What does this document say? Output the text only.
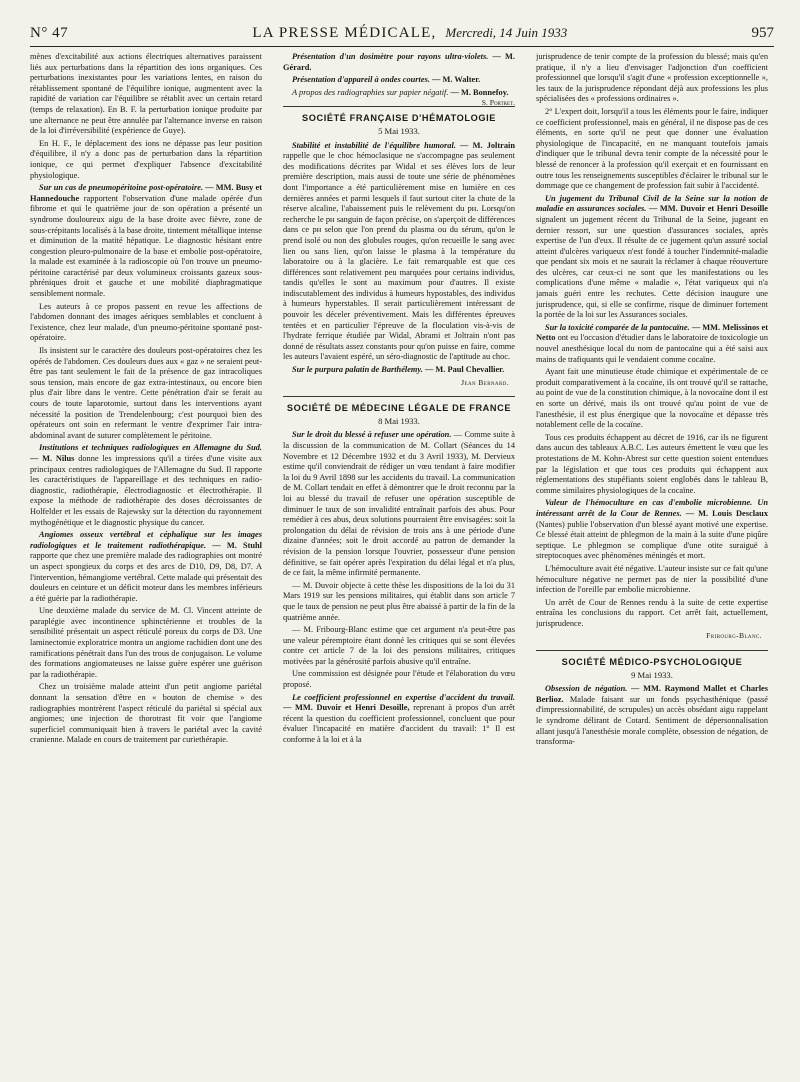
N° 47	LA PRESSE MÉDICALE, Mercredi, 14 Juin 1933	957

mènes d'excitabilité aux actions électriques alternatives paraissent liés aux perturbations dans la répartition des ions organiques. Ces perturbations inexistantes pour les variations lentes, en raison du rétablissement spontané de l'équilibre ionique, augmentent avec la rapidité de variation car l'équilibre se rétablit avec un certain retard (temps de relaxation). En B. F. la perturbation ionique produite par une alternance ne peut être annulée par l'alternance inverse en raison de la loi d'irréversibilité (expérience de Guye).

En H. F., le déplacement des ions ne dépasse pas leur position d'équilibre, il n'y a donc pas de perturbation dans la répartition ionique, ce qui permet d'expliquer l'absence d'excitabilité physiologique.

Sur un cas de pneumopéritoine post-opératoire. — MM. Busy et Hannedouche rapportent l'observation d'une malade opérée d'un fibrome et qui le quatrième jour de son opération a présenté un syndrome douloureux aigu de la base droite avec fièvre, zone de sous-crépitants localisés à la base droite, tintement métallique intense et diminution de la matité hépatique. Le diagnostic hésitant entre congestion pleuro-pulmonaire de la base et embolie post-opératoire, la malade est examinée à la radioscopie où l'on trouve un pneumo-péritoine caractérisé par deux volumineux croissants gazeux sous-phréniques droit et gauche et une mobilité diaphragmatique sensiblement normale.

Les auteurs à ce propos passent en revue les affections de l'abdomen donnant des images aériques semblables et concluent à l'existence, chez leur malade, d'un pneumo-péritoine spontané post-opératoire.

Ils insistent sur le caractère des douleurs post-opératoires chez les opérés de l'abdomen. Ces douleurs dues aux « gaz » ne seraient peut-être pas tant seulement le fait de la présence de gaz intracoliques sous tension, mais encore de gaz extra-intestinaux, ou encore bien plus d'air libre dans le ventre. Cette pénétration d'air se ferait au cours de toute laparotomie, surtout dans les interventions ayant nécessité la position de Trendelenbourg; c'est pourquoi bien des opérateurs ont soin en refermant le ventre d'exprimer l'air intra-abdominal avant de suturer complètement le péritoine.

Institutions et techniques radiologiques en Allemagne du Sud. — M. Nilus donne les impressions qu'il a tirées d'une visite aux principaux centres radiologiques de l'Allemagne du Sud. Il rapporte les caractéristiques de l'appareillage et des techniques en radio-diagnostic, radiothérapie, électrodiagnostic et électrothérapie. Il expose la méthode de radiothérapie des doses décroissantes de Holfelder et les essais de Rajewsky sur la détection du rayonnement mythogénétique et le diagnostic physique du cancer.

Angiomes osseux vertébral et céphalique sur les images radiologiques et le traitement radiothérapique. — M. Stuhl rapporte que chez une première malade des radiographies ont montré un aspect spongieux du corps et des arcs de D10, D9, D8, D7. A l'intervention, hémangiome vertébral. Cette malade qui présentait des douleurs en ceinture et un déficit moteur dans les membres inférieurs a été guérie par la radiothérapie.

Une deuxième malade du service de M. Cl. Vincent atteinte de paraplégie avec incontinence sphinctérienne et troubles de la sensibilité présentait un aspect réticulé poreux du corps de D3. Une laminectomie exploratrice montra un angiome rachidien dont une des ramifications pénétrait dans l'un des trous de conjugaison. Le volume des formations angiomateuses ne laisse guère espérer une guérison par la radiothérapie.

Chez un troisième malade atteint d'un petit angiome pariétal donnant la sensation d'être en « bouton de chemise » des radiographies montrèrent l'aspect réticulé du pariétal si spécial aux angiomes; une injection de thorotrast fit voir que l'angiome superficiel communiquait bien à travers le pariétal avec la cavité cranienne. Malade en cours de traitement par curiethérapie.

Présentation d'un dosimètre pour rayons ultra-violets. — M. Gérard.

Présentation d'appareil à ondes courtes. — M. Walter.

A propos des radiographies sur papier négatif. — M. Bonnefoy.
S. Portret.

SOCIÉTÉ FRANÇAISE D'HÉMATOLOGIE
5 Mai 1933.

Stabilité et instabilité de l'équilibre humoral. — M. Joltrain rappelle que le choc hémoclasique ne s'accompagne pas seulement des modifications décrites par Widal et ses élèves lors de leur première description, mais aussi de toute une série de phénomènes dont l'importance a été particulièrement mise en lumière en ces dernières années et parmi lesquels il faut surtout citer la chute de la réserve alcaline, l'abaissement puis le relèvement du pн. Lorsqu'on recherche le pн sanguin de façon précise, on s'aperçoit de différences dans ce pн selon que l'on prend du plasma ou du sérum, qu'on le prend isolé ou non des globules rouges, qu'on recueille le sang avec lien ou sans lien, qu'on laisse le plasma à la température du laboratoire ou à la glacière. Le fait remarquable est que ces différences sont relativement peu marquées pour certains individus, tandis qu'elles le sont au maximum pour d'autres. Il existe indiscutablement des individus à humeurs hypostables, des individus à humeurs hyperstables. Il serait particulièrement intéressant de pouvoir les déceler préventivement. Mais les différentes épreuves tentées et en particulier l'épreuve de la floculation vis-à-vis de l'hydrate ferrique étudiée par Widal, Abrami et Joltrain n'ont pas donné de résultats assez constants pour qu'on puisse en faire, comme les auteurs l'avaient espéré, un séro-diagnostic de l'aptitude au choc.

Sur le purpura palatin de Barthélemy. — M. Paul Chevallier.

Jean Bernard.
SOCIÉTÉ DE MÉDECINE LÉGALE DE FRANCE
8 Mai 1933.

Sur le droit du blessé à refuser une opération. — Comme suite à la discussion de la communication de M. Collart (Séances du 14 Novembre et 12 Décembre 1932 et du 3 Avril 1933), M. Dervieux estime qu'il conviendrait de rédiger un vœu tendant à faire modifier la loi du 9 Avril 1898 sur les accidents du travail. La communication de M. Collart tendait en effet à démontrer que le droit reconnu par la loi au blessé du travail de refuser une opération susceptible de diminuer le taux de son invalidité entraînait parfois des abus. Pour remédier à ces abus, deux solutions pourraient être envisagées: soit la prolongation du délai de révision de trois ans à une période d'une dizaine d'années; soit le droit accordé au patron de demander la révision de la pension lorsque l'ouvrier, possesseur d'une pension définitive, se fait opérer après l'expiration du délai légal et n'a plus, de ce fait, la même infirmité permanente.

— M. Duvoir objecte à cette thèse les dispositions de la loi du 31 Mars 1919 sur les pensions militaires, qui établit dans son article 7 que le taux de pension ne peut plus être abaissé à partir de la fin de la quatrième année.

— M. Fribourg-Blanc estime que cet argument n'a peut-être pas une valeur péremptoire étant donné les critiques qui se sont élevées contre cet article 7 de la loi des pensions militaires, critiques motivées par la générosité parfois abusive qu'il entraîne.

Une commission est désignée pour l'étude et l'élaboration du vœu proposé.

Le coefficient professionnel en expertise d'accident du travail. — MM. Duvoir et Henri Desoille, reprenant à propos d'un arrêt récent la question du coefficient professionnel, concluent que pour évaluer l'incapacité en matière d'accident du travail: 1° Il est conforme à la loi et à la

jurisprudence de tenir compte de la profession du blessé; mais qu'en pratique, il n'y a lieu d'envisager l'adjonction d'un coefficient professionnel que lorsqu'il s'agit d'une « profession exceptionnelle », les taux de la jurisprudence répondant déjà aux professions les plus spécialisées des « professions ordinaires ».

2° L'expert doit, lorsqu'il a tous les éléments pour le faire, indiquer ce coefficient professionnel, mais en général, il ne dispose pas de ces éléments, en sorte qu'il ne peut que donner une évaluation physiologique de l'incapacité, en ne manquant toutefois jamais d'indiquer que le tribunal devra tenir compte de la nécessité pour le blessé de renoncer à la profession qu'il exerçait et en fournissant en outre tous les renseignements susceptibles d'éclairer le tribunal sur le dommage que ce changement de profession fait subir à l'accidenté.

Un jugement du Tribunal Civil de la Seine sur la notion de maladie en assurances sociales. — MM. Duvoir et Henri Desoille signalent un jugement récent du Tribunal de la Seine, jugeant en dernier ressort, sur une question d'assurances sociales, après expertise de l'un d'eux. Il résulte de ce jugement qu'un assuré social atteint d'ulcères variqueux n'est fondé à toucher l'indemnité-maladie que pendant six mois et ne saurait la réclamer à chaque réouverture des ulcères, car ceux-ci ne sont que les manifestations ou les complications d'une même « maladie », l'état variqueux qui n'a jamais guéri entre les rechutes. Cette décision inaugure une jurisprudence, qui, si elle se confirme, risque de diminuer fortement la portée de la loi sur les Assurances sociales.

Sur la toxicité comparée de la pantocaïne. — MM. Melissinos et Netto ont eu l'occasion d'étudier dans le laboratoire de toxicologie un nouvel anesthésique local du nom de pantocaïne qui a été saisi aux mains de trafiquants qui le vendaient comme cocaïne.

Ayant fait une minutieuse étude chimique et expérimentale de ce produit comparativement à la cocaïne, ils ont trouvé qu'il se rattache, au point de vue de la constitution chimique, à la novocaïne dont il est en sorte un dérivé, mais ils ont trouvé qu'au point de vue de l'anesthésie, il est plus énergique que la novocaïne et dépasse très notablement celle de la cocaïne.

Tous ces produits échappent au décret de 1916, car ils ne figurent dans aucun des tableaux A.B.C. Les auteurs émettent le vœu que les protestations de M. Kohn-Abrest sur cette question soient entendues par la législation et que tous ces produits qui échappent aux réglementations des stupéfiants soient englobés dans le tableau B, comme similaires physiologiques de la cocaïne.

Valeur de l'hémoculture en cas d'embolie microbienne. Un intéressant arrêt de la Cour de Rennes. — M. Louis Desclaux (Nantes) publie l'observation d'un blessé ayant motivé une expertise. Ce blessé était atteint de phlegmon de la main à la suite d'une piqûre septique. Le phlegmon se complique d'une otite suraiguë à streptocoques avec phénomènes méningés et mort.

L'hémoculture avait été négative. L'auteur insiste sur ce fait qu'une hémoculture négative ne permet pas de nier la possibilité d'une infection de l'oreille par embolie microbienne.

Un arrêt de Cour de Rennes rendu à la suite de cette expertise entraîna les conclusions du rapport. Cet arrêt fait, actuellement, jurisprudence.

Fribourg-Blanc.
SOCIÉTÉ MÉDICO-PSYCHOLOGIQUE
9 Mai 1933.

Obsession de négation. — MM. Raymond Mallet et Charles Berlioz. Malade faisant sur un fonds psychasthénique (passé d'impressionnabilité, de scrupules) un accès obsédant aigu rappelant le syndrome délirant de Cotard. Sentiment de dépersonnalisation allant jusqu'à l'anesthésie morale complète, obsession de négation, de transforma-
